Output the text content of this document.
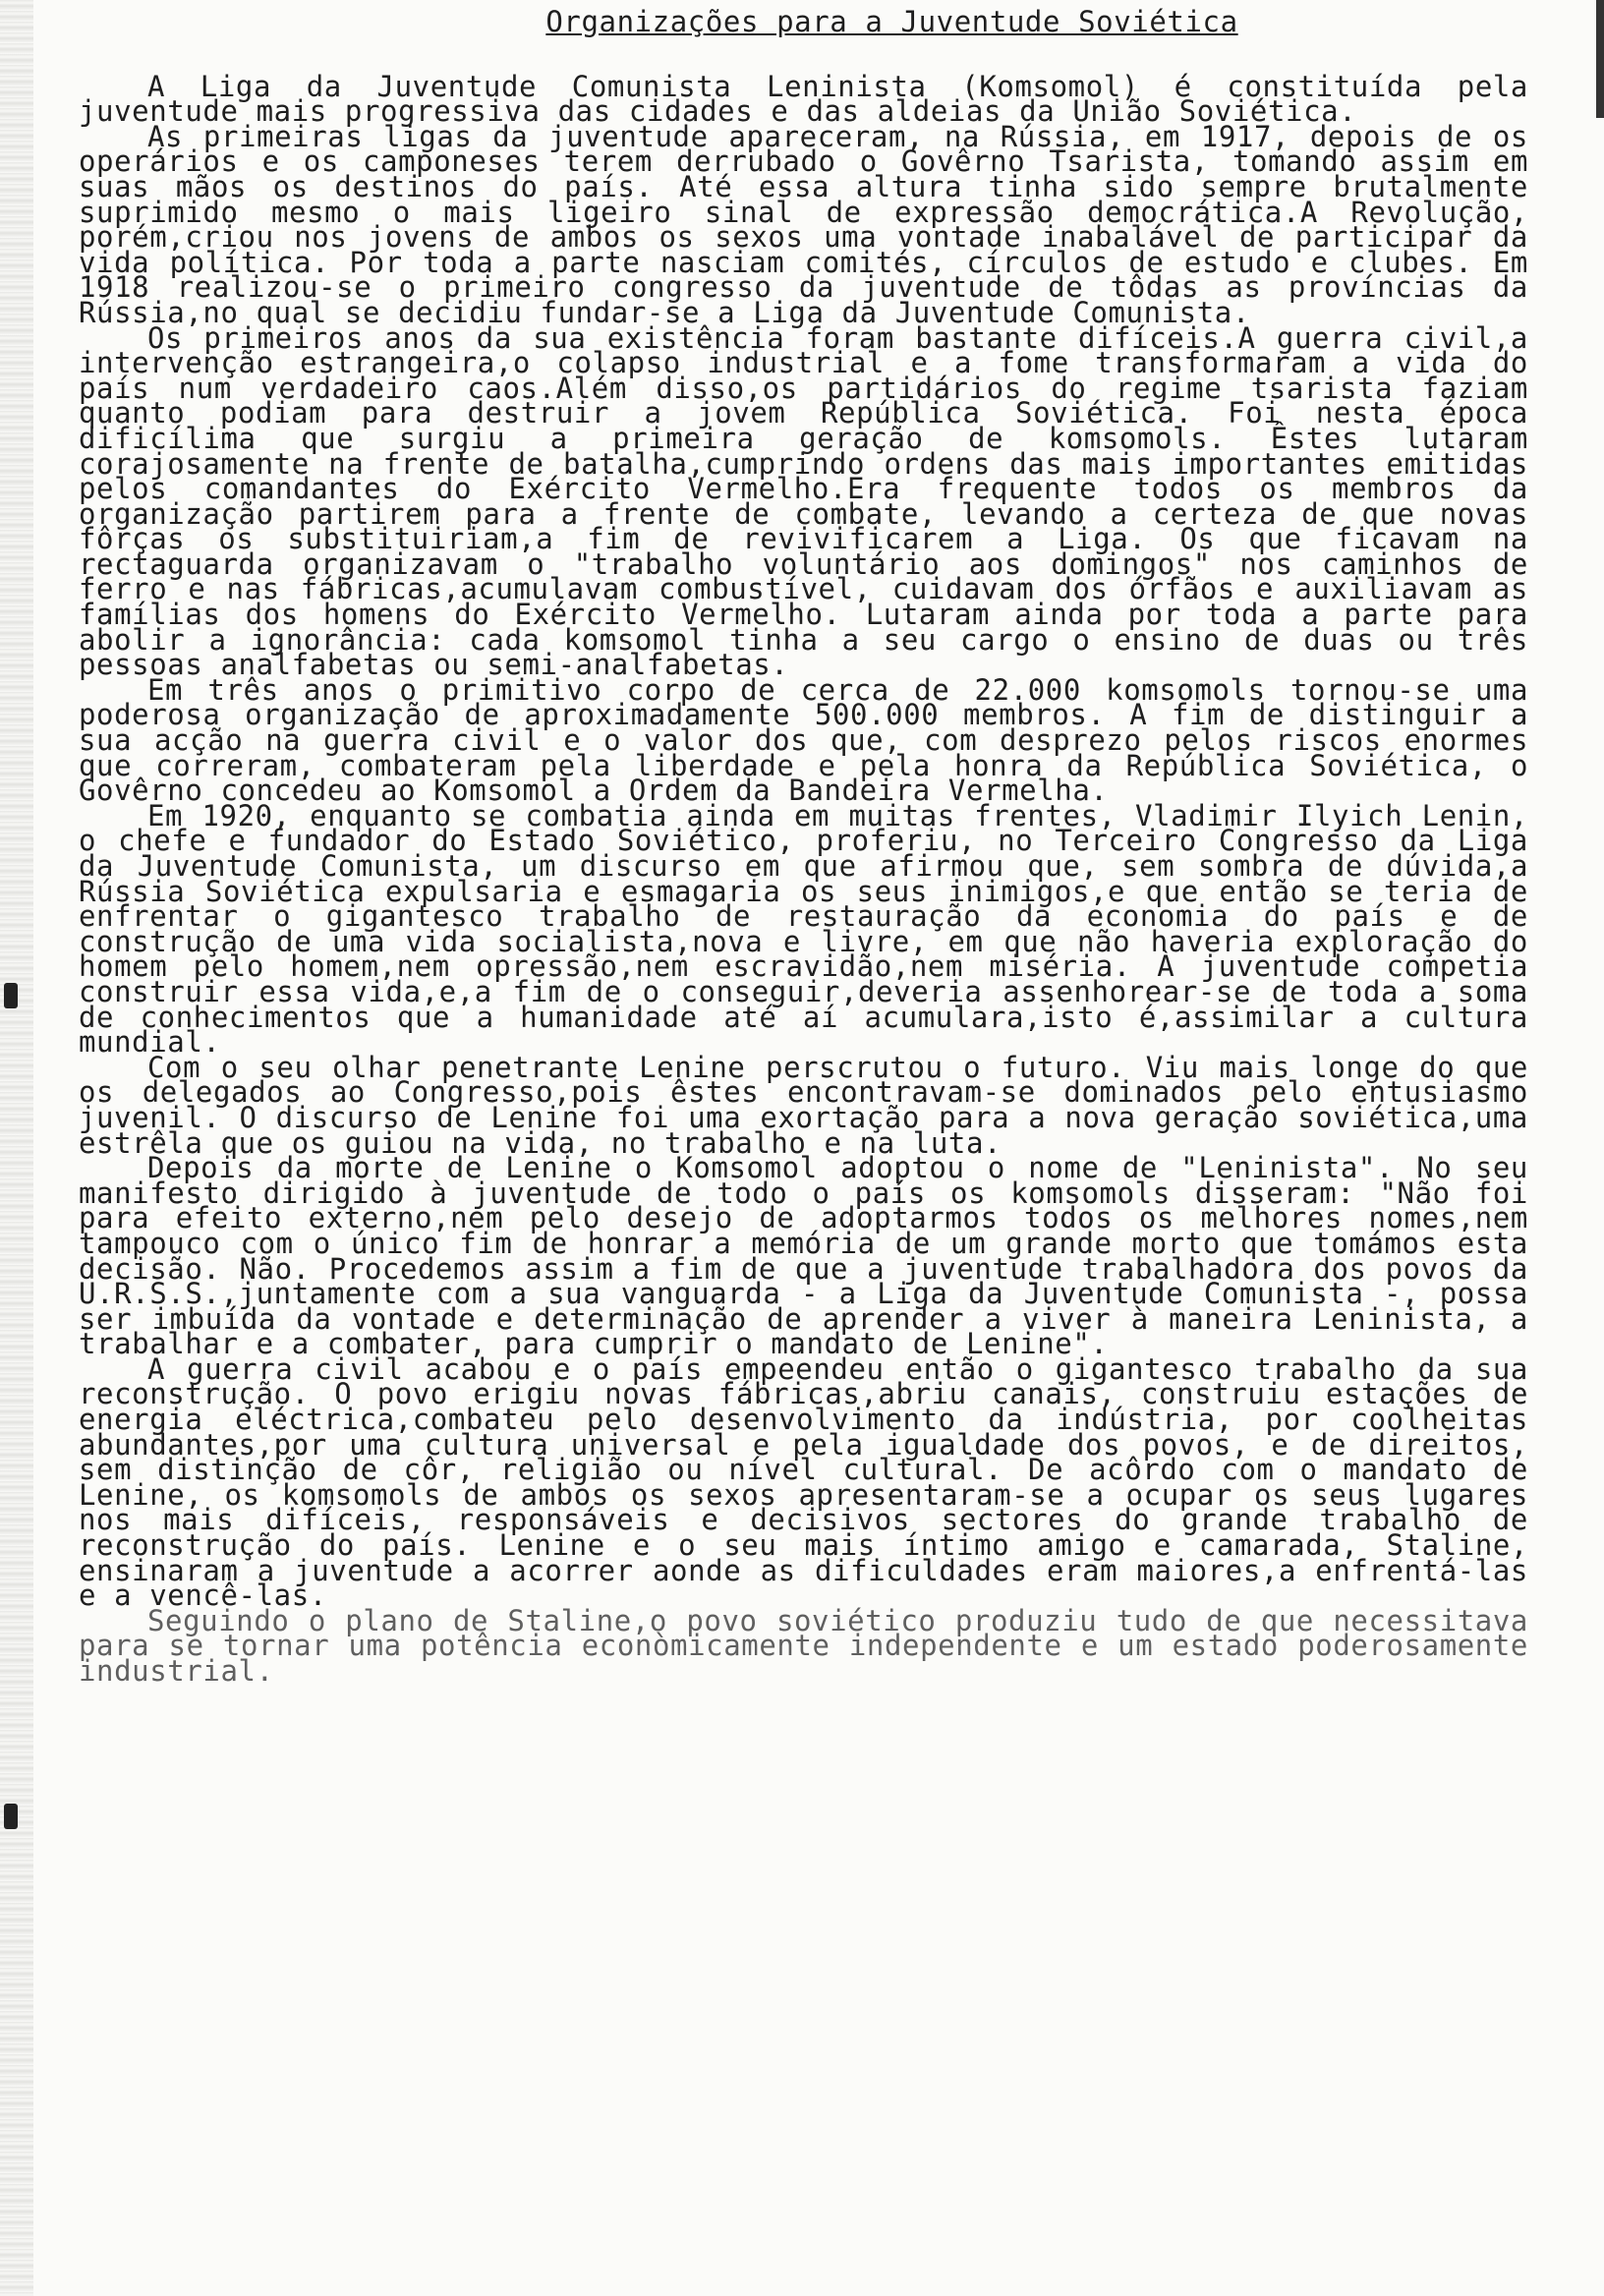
Organizações para a Juventude Soviética

A Liga da Juventude Comunista Leninista (Komsomol) é constituída pela juventude mais progressiva das cidades e das aldeias da União Soviética.

As primeiras ligas da juventude apareceram, na Rússia, em 1917, depois de os operários e os camponeses terem derrubado o Govêrno Tsarista, tomando assim em suas mãos os destinos do país. Até essa altura tinha sido sempre brutalmente suprimido mesmo o mais ligeiro sinal de expressão democrática.A Revolução, porém,criou nos jovens de ambos os sexos uma vontade inabalável de participar da vida política. Por toda a parte nasciam comités, círculos de estudo e clubes. Em 1918 realizou-se o primeiro congresso da juventude de tôdas as províncias da Rússia,no qual se decidiu fundar-se a Liga da Juventude Comunista.

Os primeiros anos da sua existência foram bastante difíceis.A guerra civil,a intervenção estrangeira,o colapso industrial e a fome transformaram a vida do país num verdadeiro caos.Além disso,os partidários do regime tsarista faziam quanto podiam para destruir a jovem República Soviética. Foi nesta época dificílima que surgiu a primeira geração de komsomols. Êstes lutaram corajosamente na frente de batalha,cumprindo ordens das mais importantes emitidas pelos comandantes do Exército Vermelho.Era frequente todos os membros da organização partirem para a frente de combate, levando a certeza de que novas fôrças os substituiriam,a fim de revivificarem a Liga. Os que ficavam na rectaguarda organizavam o "trabalho voluntário aos domingos" nos caminhos de ferro e nas fábricas,acumulavam combustível, cuidavam dos órfãos e auxiliavam as famílias dos homens do Exército Vermelho. Lutaram ainda por toda a parte para abolir a ignorância: cada komsomol tinha a seu cargo o ensino de duas ou três pessoas analfabetas ou semi-analfabetas.

Em três anos o primitivo corpo de cerca de 22.000 komsomols tornou-se uma poderosa organização de aproximadamente 500.000 membros. A fim de distinguir a sua acção na guerra civil e o valor dos que, com desprezo pelos riscos enormes que correram, combateram pela liberdade e pela honra da República Soviética, o Govêrno concedeu ao Komsomol a Ordem da Bandeira Vermelha.

Em 1920, enquanto se combatia ainda em muitas frentes, Vladimir Ilyich Lenin, o chefe e fundador do Estado Soviético, proferiu, no Terceiro Congresso da Liga da Juventude Comunista, um discurso em que afirmou que, sem sombra de dúvida,a Rússia Soviética expulsaria e esmagaria os seus inimigos,e que então se teria de enfrentar o gigantesco trabalho de restauração da economia do país e de construção de uma vida socialista,nova e livre, em que não haveria exploração do homem pelo homem,nem opressão,nem escravidão,nem miséria. À juventude competia construir essa vida,e,a fim de o conseguir,deveria assenhorear-se de toda a soma de conhecimentos que a humanidade até aí acumulara,isto é,assimilar a cultura mundial.

Com o seu olhar penetrante Lenine perscrutou o futuro. Viu mais longe do que os delegados ao Congresso,pois êstes encontravam-se dominados pelo entusiasmo juvenil. O discurso de Lenine foi uma exortação para a nova geração soviética,uma estrêla que os guiou na vida, no trabalho e na luta.

Depois da morte de Lenine o Komsomol adoptou o nome de "Leninista". No seu manifesto dirigido à juventude de todo o país os komsomols disseram: "Não foi para efeito externo,nem pelo desejo de adoptarmos todos os melhores nomes,nem tampouco com o único fim de honrar a memória de um grande morto que tomámos esta decisão. Não. Procedemos assim a fim de que a juventude trabalhadora dos povos da U.R.S.S.,juntamente com a sua vanguarda - a Liga da Juventude Comunista -, possa ser imbuída da vontade e determinação de aprender a viver à maneira Leninista, a trabalhar e a combater, para cumprir o mandato de Lenine".

A guerra civil acabou e o país empeendeu então o gigantesco trabalho da sua reconstrução. O povo erigiu novas fábricas,abriu canais, construiu estações de energia eléctrica,combateu pelo desenvolvimento da indústria, por coolheitas abundantes,por uma cultura universal e pela igualdade dos povos, e de direitos, sem distinção de côr, religião ou nível cultural. De acôrdo com o mandato de Lenine, os komsomols de ambos os sexos apresentaram-se a ocupar os seus lugares nos mais difíceis, responsáveis e decisivos sectores do grande trabalho de reconstrução do país. Lenine e o seu mais íntimo amigo e camarada, Staline, ensinaram a juventude a acorrer aonde as dificuldades eram maiores,a enfrentá-las e a vencê-las.

Seguindo o plano de Staline,o povo soviético produziu tudo de que necessitava para se tornar uma potência econòmicamente independente e um estado poderosamente industrial.
